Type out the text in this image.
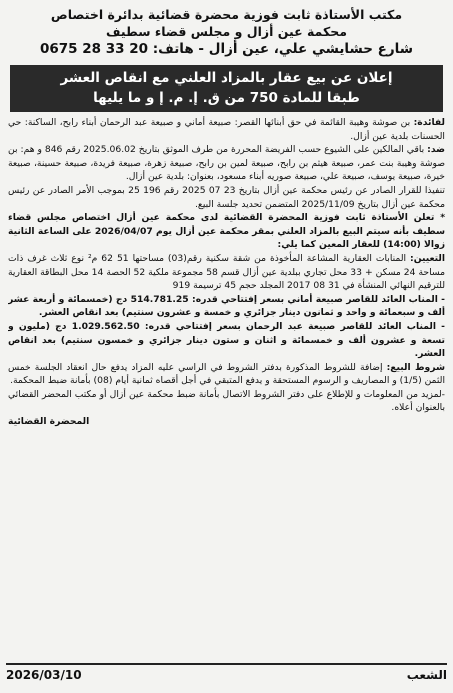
مكتب الأستاذة ثابت فوزية محضرة قضائية بدائرة اختصاص
محكمة عين أزال و مجلس قضاء سطيف
شارع حشايشي علي، عين أزال - هاتف: 20 33 28 0675
إعلان عن بيع عقار بالمزاد العلني مع انقاص العشر
طبقا للمادة 750 من ق. إ. م. إ و ما يليها

لفائدة: بن صوشة وهيبة القائمة في حق أبنائها القصر: صبيعة أماني و صبيعة عبد الرحمان أبناء رابح، الساكنة: حي الحسنات بلدية عين أزال.

ضد: باقي المالكين على الشيوع حسب الفريضة المحررة من طرف الموثق بتاريخ 2025.06.02 رقم 846 و هم: بن صوشة وهيبة بنت عمر، صبيعة هيثم بن رابح، صبيعة لمين بن رابح، صبيعة زهرة، صبيعة فريدة، صبيعة حسينة، صبيعة خيرة، صبيعة يوسف، صبيعة علي، صبيعة صوريه أبناء مسعود، بعنوان: بلدية عين أزال.

تنفيذا للقرار الصادر عن رئيس محكمة عين أزال بتاريخ 23 07 2025 رقم 196 25 بموجب الأمر الصادر عن رئيس محكمة عين أزال بتاريخ 2025/11/09 المتضمن تحديد جلسة البيع.

* تعلن الأستاذة ثابت فوزية المحضرة القضائية لدى محكمة عين أزال اختصاص مجلس قضاء سطيف بأنه سيتم البيع بالمزاد العلني بمقر محكمة عين أزال يوم 2026/04/07 على الساعة الثانية زوالا (14:00) للعقار المعين كما يلي:

التعيين: المنابات العقارية المشاعة المأخوذة من شقة سكنية رقم(03) مساحتها 51 62 م² نوع ثلاث غرف ذات مساحة 24 مسكن + 33 محل تجاري ببلدية عين أزال قسم 58 مجموعة ملكية 52 الحصة 14 محل البطاقة العقارية للترقيم النهائي المنشأة في 31 08 2017 المجلد حجم 45 ترسيمة 919

- المناب العائد للقاصر صبيعة أماني بسعر إفتتاحي قدره: 514.781.25 دج (خمسمائة و أربعة عشر ألف و سبعمائة و واحد و ثمانون دينار جزائري و خمسة و عشرون سنتيم) بعد انقاص العشر.

- المناب العائد للقاصر صبيعة عبد الرحمان بسعر إفتتاحي قدره: 1.029.562.50 دج (مليون و تسعة و عشرون ألف و خمسمائة و اثنان و ستون دينار جزائري و خمسون سنتيم) بعد انقاص العشر.

شروط البيع: إضافة للشروط المذكورة بدفتر الشروط في الراسي عليه المزاد يدفع حال انعقاد الجلسة خمس الثمن (1/5) و المصاريف و الرسوم المستحقة و يدفع المتبقي في أجل أقصاه ثمانية أيام (08) بأمانة ضبط المحكمة.

-لمزيد من المعلومات و للإطلاع على دفتر الشروط الاتصال بأمانة ضبط محكمة عين أزال أو مكتب المحضر القضائي بالعنوان أعلاه.

المحضرة القضائية

الشعب
2026/03/10
